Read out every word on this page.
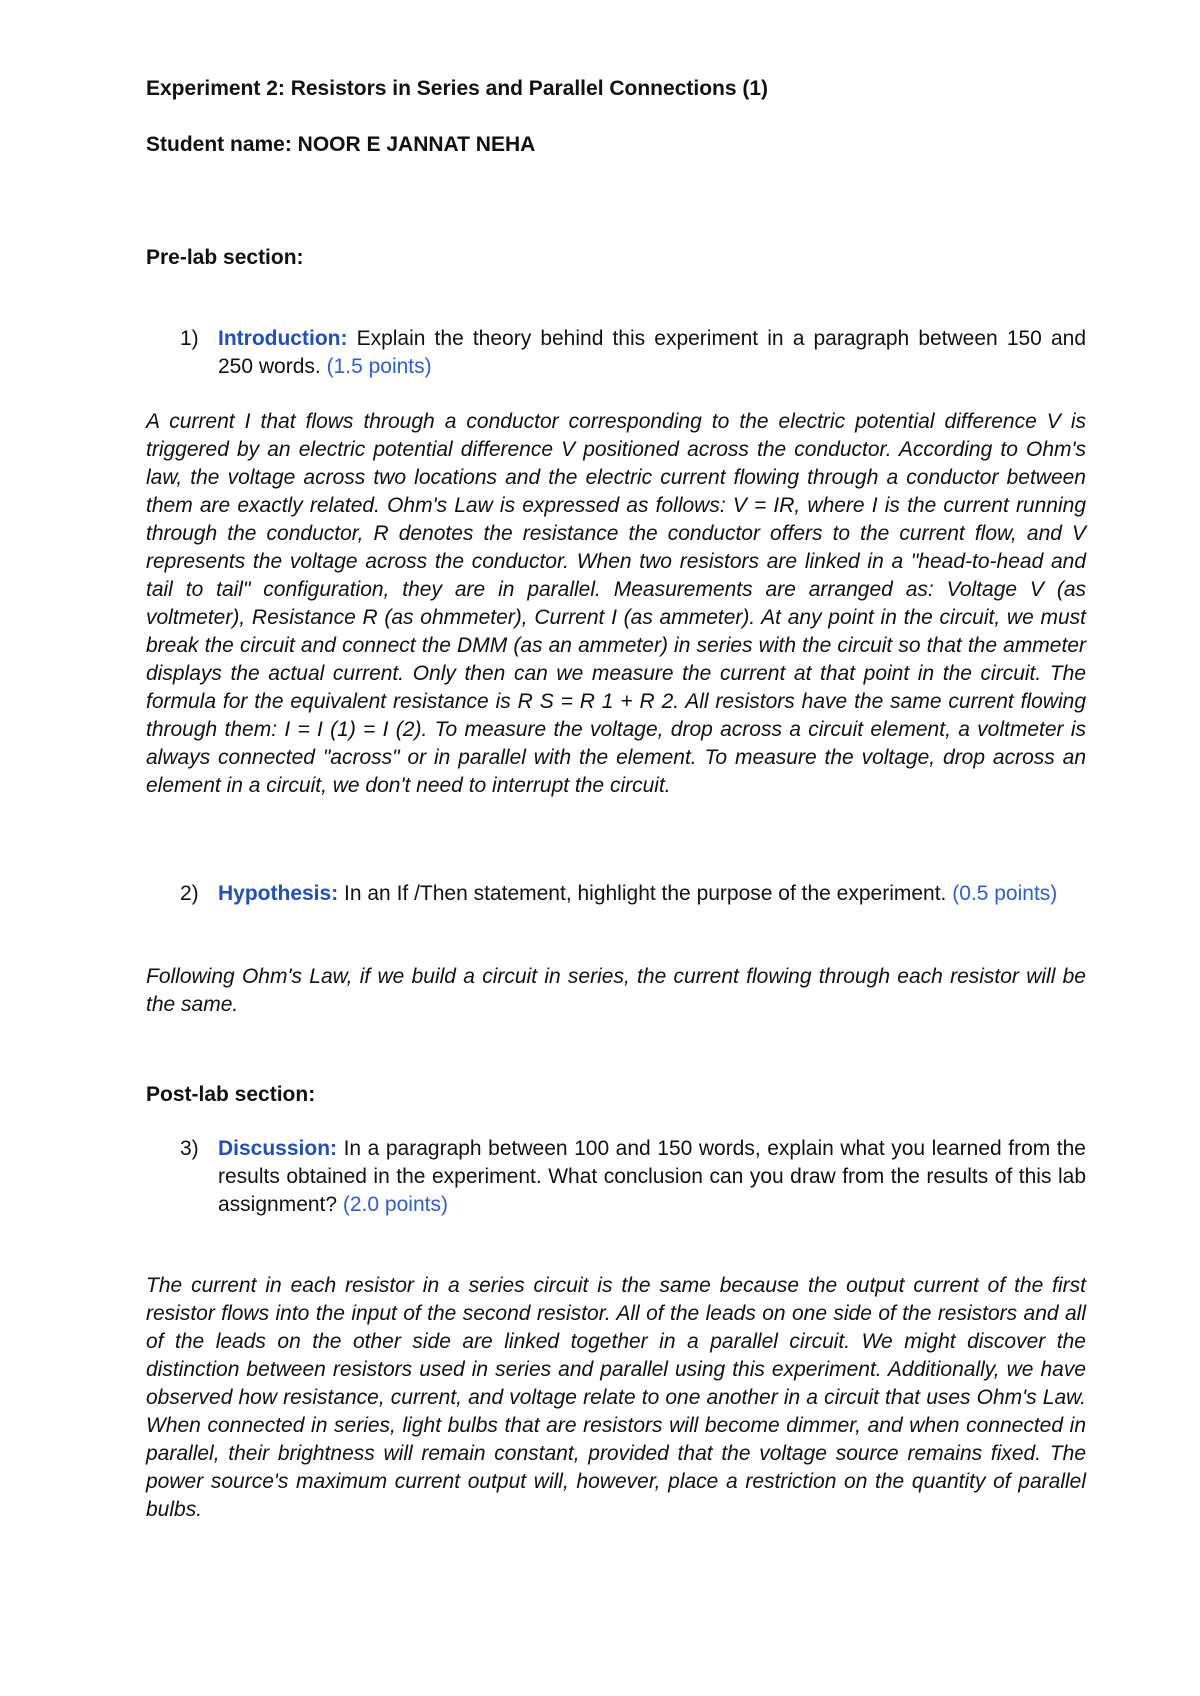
Experiment 2: Resistors in Series and Parallel Connections (1)

Student name: NOOR E JANNAT NEHA

Pre-lab section:
1) Introduction: Explain the theory behind this experiment in a paragraph between 150 and 250 words. (1.5 points)

A current I that flows through a conductor corresponding to the electric potential difference V is triggered by an electric potential difference V positioned across the conductor. According to Ohm's law, the voltage across two locations and the electric current flowing through a conductor between them are exactly related. Ohm's Law is expressed as follows: V = IR, where I is the current running through the conductor, R denotes the resistance the conductor offers to the current flow, and V represents the voltage across the conductor. When two resistors are linked in a "head-to-head and tail to tail" configuration, they are in parallel. Measurements are arranged as: Voltage V (as voltmeter), Resistance R (as ohmmeter), Current I (as ammeter). At any point in the circuit, we must break the circuit and connect the DMM (as an ammeter) in series with the circuit so that the ammeter displays the actual current. Only then can we measure the current at that point in the circuit. The formula for the equivalent resistance is R S = R 1 + R 2. All resistors have the same current flowing through them: I = I (1) = I (2). To measure the voltage, drop across a circuit element, a voltmeter is always connected "across" or in parallel with the element. To measure the voltage, drop across an element in a circuit, we don't need to interrupt the circuit.

2) Hypothesis: In an If /Then statement, highlight the purpose of the experiment. (0.5 points)

Following Ohm's Law, if we build a circuit in series, the current flowing through each resistor will be the same.

Post-lab section:
3) Discussion: In a paragraph between 100 and 150 words, explain what you learned from the results obtained in the experiment. What conclusion can you draw from the results of this lab assignment? (2.0 points)

The current in each resistor in a series circuit is the same because the output current of the first resistor flows into the input of the second resistor. All of the leads on one side of the resistors and all of the leads on the other side are linked together in a parallel circuit. We might discover the distinction between resistors used in series and parallel using this experiment. Additionally, we have observed how resistance, current, and voltage relate to one another in a circuit that uses Ohm's Law. When connected in series, light bulbs that are resistors will become dimmer, and when connected in parallel, their brightness will remain constant, provided that the voltage source remains fixed. The power source's maximum current output will, however, place a restriction on the quantity of parallel bulbs.
